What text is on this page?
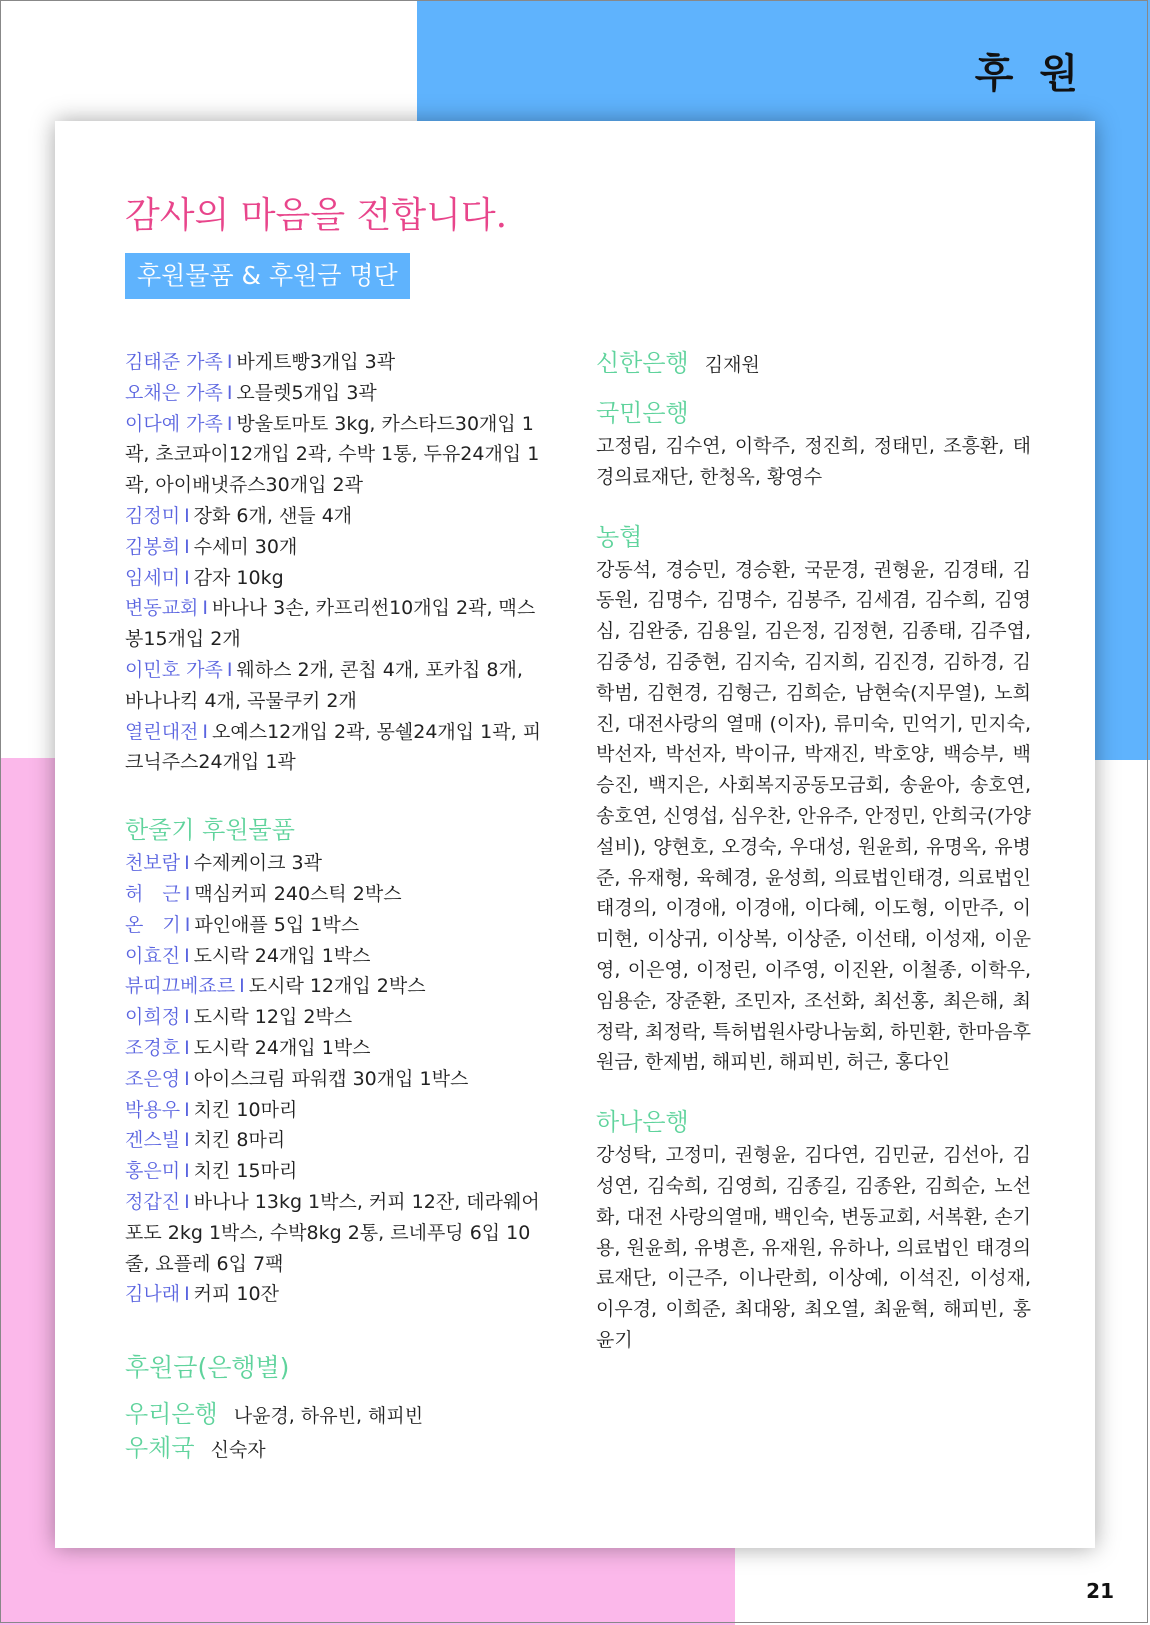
후 원
21
감사의 마음을 전합니다.
후원물품 & 후원금 명단

김태준 가족 I 바게트빵3개입 3곽

오채은 가족 I 오믈렛5개입 3곽

이다예 가족 I 방울토마토 3kg, 카스타드30개입 1곽, 초코파이12개입 2곽, 수박 1통, 두유24개입 1곽, 아이배냇쥬스30개입 2곽

김정미 I 장화 6개, 샌들 4개

김봉희 I 수세미 30개

임세미 I 감자 10kg

변동교회 I 바나나 3손, 카프리썬10개입 2곽, 맥스봉15개입 2개

이민호 가족 I 웨하스 2개, 콘칩 4개, 포카칩 8개, 바나나킥 4개, 곡물쿠키 2개

열린대전 I 오예스12개입 2곽, 몽쉘24개입 1곽, 피크닉주스24개입 1곽

한줄기 후원물품

천보람 I 수제케이크 3곽

허　근 I 맥심커피 240스틱 2박스

온　기 I 파인애플 5입 1박스

이효진 I 도시락 24개입 1박스

뷰띠끄베죠르 I 도시락 12개입 2박스

이희정 I 도시락 12입 2박스

조경호 I 도시락 24개입 1박스

조은영 I 아이스크림 파워캡 30개입 1박스

박용우 I 치킨 10마리

겐스빌 I 치킨 8마리

홍은미 I 치킨 15마리

정갑진 I 바나나 13kg 1박스, 커피 12잔, 데라웨어 포도 2kg 1박스, 수박8kg 2통, 르네푸딩 6입 10줄, 요플레 6입 7팩

김나래 I 커피 10잔

후원금(은행별)
우리은행 나윤경, 하유빈, 해피빈
우체국 신숙자
신한은행 김재원
국민은행

고정림, 김수연, 이학주, 정진희, 정태민, 조흥환, 태경의료재단, 한청옥, 황영수

농협

강동석, 경승민, 경승환, 국문경, 권형윤, 김경태, 김동원, 김명수, 김명수, 김봉주, 김세겸, 김수희, 김영심, 김완중, 김용일, 김은정, 김정현, 김종태, 김주엽, 김중성, 김중현, 김지숙, 김지희, 김진경, 김하경, 김학범, 김현경, 김형근, 김희순, 남현숙(지무열), 노희진, 대전사랑의 열매 (이자), 류미숙, 민억기, 민지숙, 박선자, 박선자, 박이규, 박재진, 박호양, 백승부, 백승진, 백지은, 사회복지공동모금회, 송윤아, 송호연, 송호연, 신영섭, 심우찬, 안유주, 안정민, 안희국(가양설비), 양현호, 오경숙, 우대성, 원윤희, 유명옥, 유병준, 유재형, 육혜경, 윤성희, 의료법인태경, 의료법인태경의, 이경애, 이경애, 이다혜, 이도형, 이만주, 이미현, 이상귀, 이상복, 이상준, 이선태, 이성재, 이운영, 이은영, 이정린, 이주영, 이진완, 이철종, 이학우, 임용순, 장준환, 조민자, 조선화, 최선홍, 최은해, 최정락, 최정락, 특허법원사랑나눔회, 하민환, 한마음후원금, 한제범, 해피빈, 해피빈, 허근, 홍다인

하나은행

강성탁, 고정미, 권형윤, 김다연, 김민균, 김선아, 김성연, 김숙희, 김영희, 김종길, 김종완, 김희순, 노선화, 대전 사랑의열매, 백인숙, 변동교회, 서복환, 손기용, 원윤희, 유병흔, 유재원, 유하나, 의료법인 태경의료재단, 이근주, 이나란희, 이상예, 이석진, 이성재, 이우경, 이희준, 최대왕, 최오열, 최윤혁, 해피빈, 홍윤기
